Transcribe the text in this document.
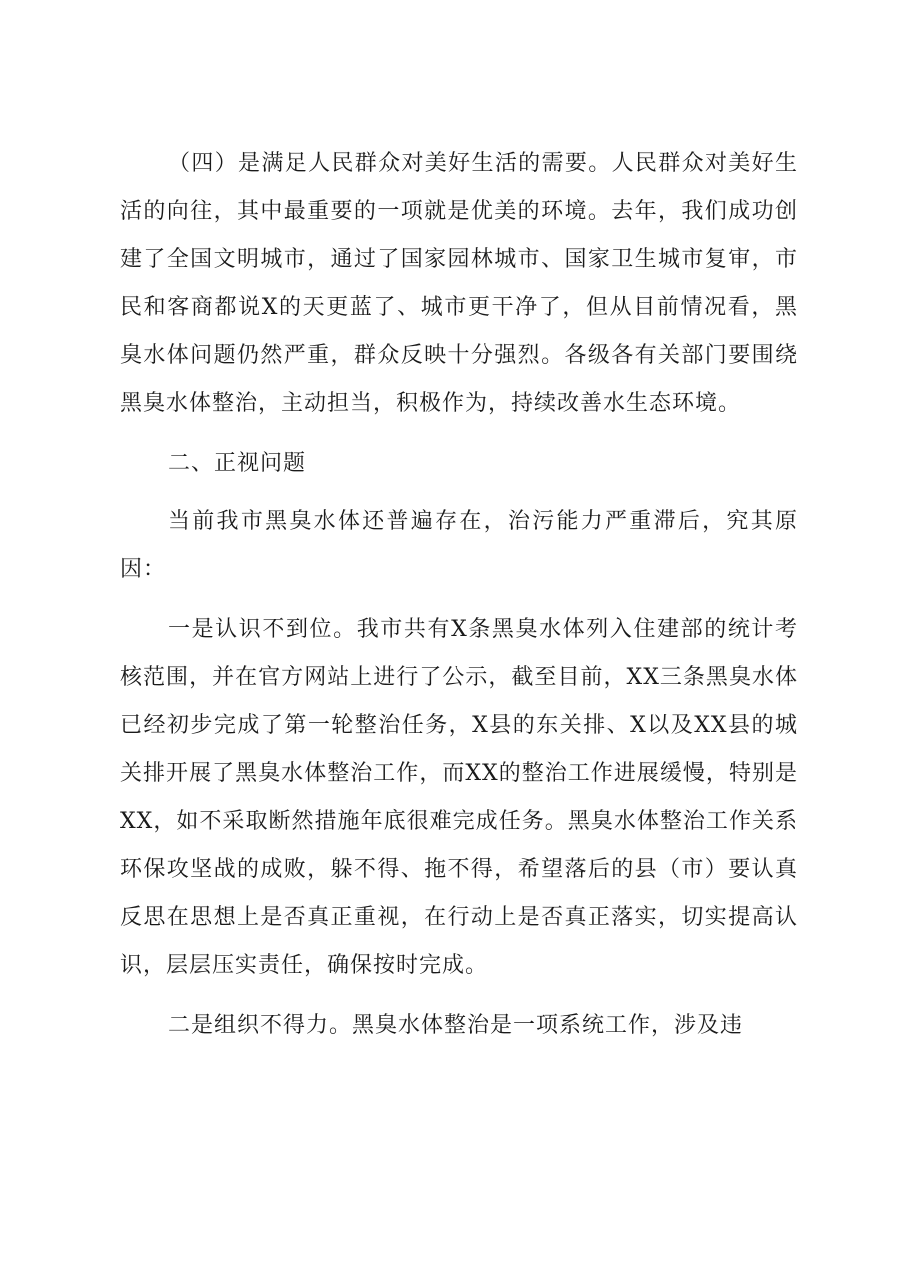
（四）是满足人民群众对美好生活的需要。人民群众对美好生活的向往，其中最重要的一项就是优美的环境。去年，我们成功创建了全国文明城市，通过了国家园林城市、国家卫生城市复审，市民和客商都说X的天更蓝了、城市更干净了，但从目前情况看，黑臭水体问题仍然严重，群众反映十分强烈。各级各有关部门要围绕黑臭水体整治，主动担当，积极作为，持续改善水生态环境。

二、正视问题

当前我市黑臭水体还普遍存在，治污能力严重滞后，究其原因：

一是认识不到位。我市共有X条黑臭水体列入住建部的统计考核范围，并在官方网站上进行了公示，截至目前，XX三条黑臭水体已经初步完成了第一轮整治任务，X县的东关排、X以及XX县的城关排开展了黑臭水体整治工作，而XX的整治工作进展缓慢，特别是XX，如不采取断然措施年底很难完成任务。黑臭水体整治工作关系环保攻坚战的成败，躲不得、拖不得，希望落后的县（市）要认真反思在思想上是否真正重视，在行动上是否真正落实，切实提高认识，层层压实责任，确保按时完成。

二是组织不得力。黑臭水体整治是一项系统工作，涉及违
